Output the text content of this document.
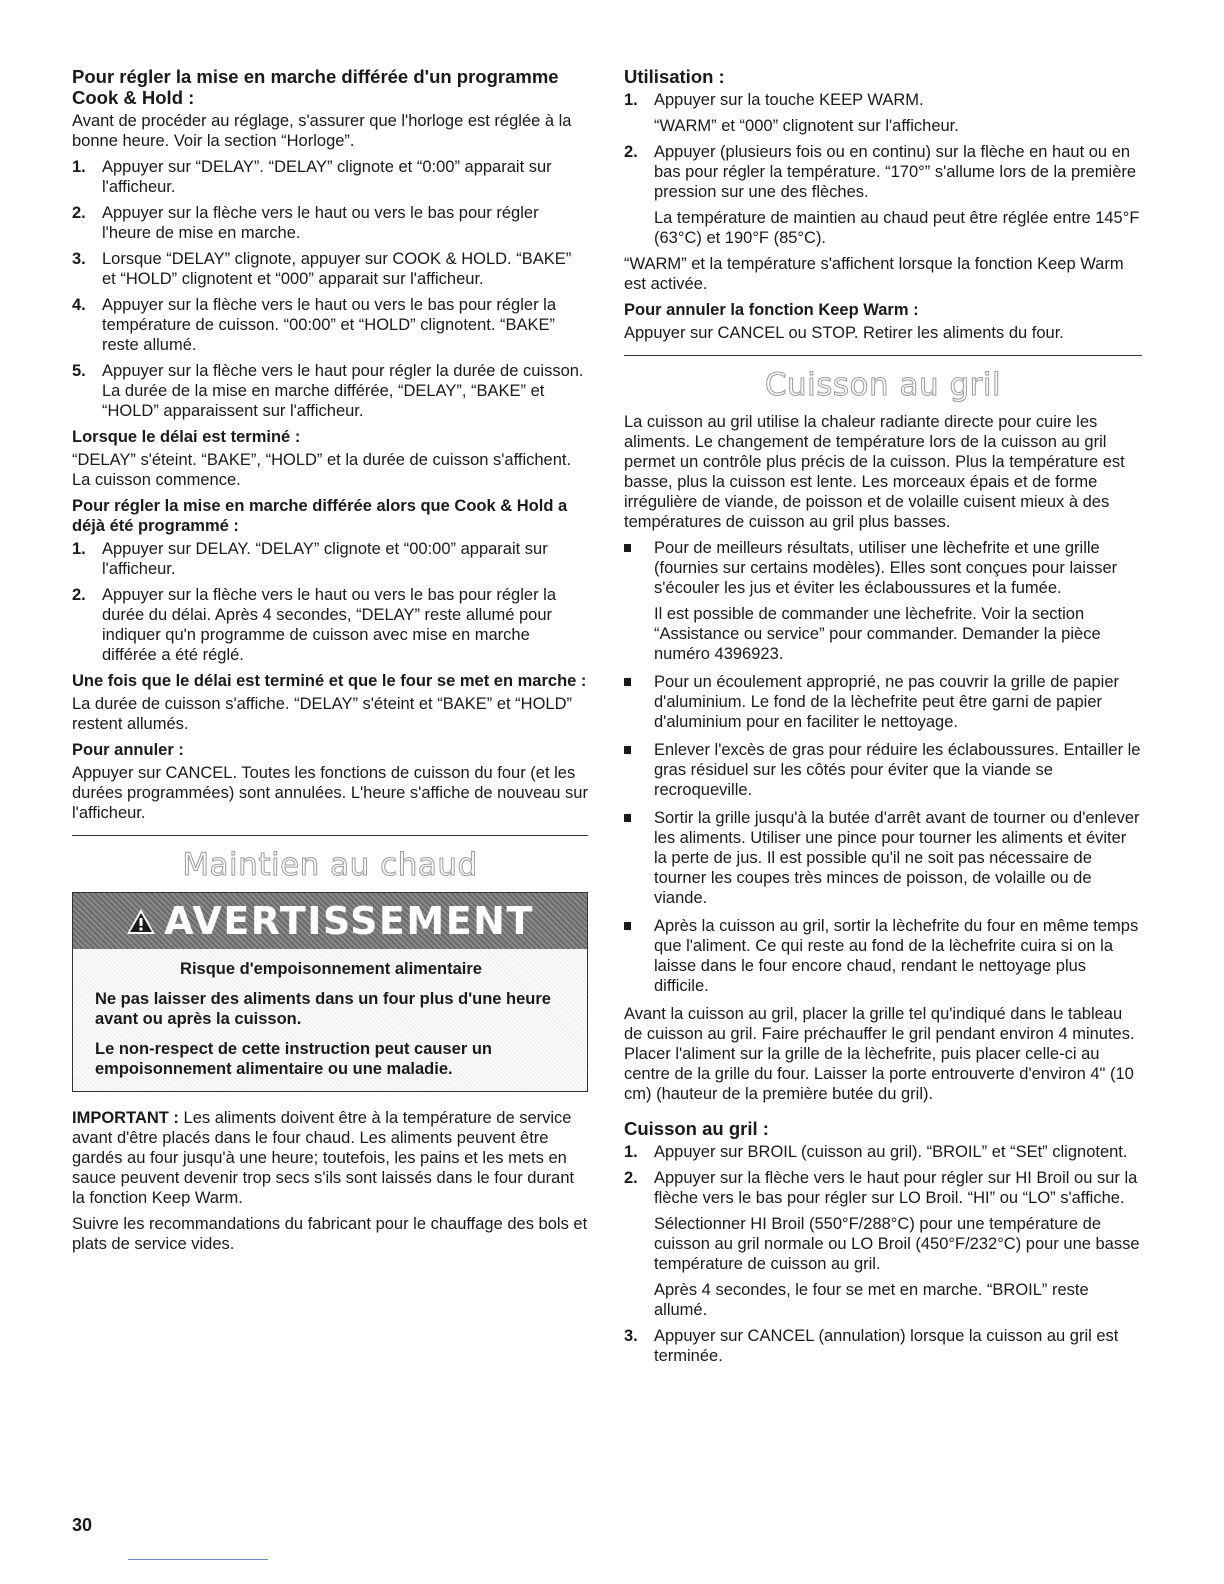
Pour régler la mise en marche différée d'un programme Cook & Hold :

Avant de procéder au réglage, s'assurer que l'horloge est réglée à la bonne heure. Voir la section “Horloge”.

1. Appuyer sur “DELAY”. “DELAY” clignote et “0:00” apparait sur l'afficheur.
2. Appuyer sur la flèche vers le haut ou vers le bas pour régler l'heure de mise en marche.
3. Lorsque “DELAY” clignote, appuyer sur COOK & HOLD. “BAKE” et “HOLD” clignotent et “000” apparait sur l'afficheur.
4. Appuyer sur la flèche vers le haut ou vers le bas pour régler la température de cuisson. “00:00” et “HOLD” clignotent. “BAKE” reste allumé.
5. Appuyer sur la flèche vers le haut pour régler la durée de cuisson. La durée de la mise en marche différée, “DELAY”, “BAKE” et “HOLD” apparaissent sur l'afficheur.
Lorsque le délai est terminé :

“DELAY” s'éteint. “BAKE”, “HOLD” et la durée de cuisson s'affichent. La cuisson commence.

Pour régler la mise en marche différée alors que Cook & Hold a déjà été programmé :
1. Appuyer sur DELAY. “DELAY” clignote et “00:00” apparait sur l'afficheur.
2. Appuyer sur la flèche vers le haut ou vers le bas pour régler la durée du délai. Après 4 secondes, “DELAY” reste allumé pour indiquer qu'n programme de cuisson avec mise en marche différée a été réglé.
Une fois que le délai est terminé et que le four se met en marche :

La durée de cuisson s'affiche. “DELAY” s'éteint et “BAKE” et “HOLD” restent allumés.

Pour annuler :

Appuyer sur CANCEL. Toutes les fonctions de cuisson du four (et les durées programmées) sont annulées. L'heure s'affiche de nouveau sur l'afficheur.

Maintien au chaud
AVERTISSEMENT

Risque d'empoisonnement alimentaire

Ne pas laisser des aliments dans un four plus d'une heure avant ou après la cuisson.

Le non-respect de cette instruction peut causer un empoisonnement alimentaire ou une maladie.

IMPORTANT : Les aliments doivent être à la température de service avant d'être placés dans le four chaud. Les aliments peuvent être gardés au four jusqu'à une heure; toutefois, les pains et les mets en sauce peuvent devenir trop secs s'ils sont laissés dans le four durant la fonction Keep Warm.

Suivre les recommandations du fabricant pour le chauffage des bols et plats de service vides.

Utilisation :
1. Appuyer sur la touche KEEP WARM.

“WARM” et “000” clignotent sur l'afficheur.

2. Appuyer (plusieurs fois ou en continu) sur la flèche en haut ou en bas pour régler la température. “170°” s'allume lors de la première pression sur une des flèches.

La température de maintien au chaud peut être réglée entre 145°F (63°C) et 190°F (85°C).

“WARM” et la température s'affichent lorsque la fonction Keep Warm est activée.

Pour annuler la fonction Keep Warm :

Appuyer sur CANCEL ou STOP. Retirer les aliments du four.

Cuisson au gril

La cuisson au gril utilise la chaleur radiante directe pour cuire les aliments. Le changement de température lors de la cuisson au gril permet un contrôle plus précis de la cuisson. Plus la température est basse, plus la cuisson est lente. Les morceaux épais et de forme irrégulière de viande, de poisson et de volaille cuisent mieux à des températures de cuisson au gril plus basses.

Pour de meilleurs résultats, utiliser une lèchefrite et une grille (fournies sur certains modèles). Elles sont conçues pour laisser s'écouler les jus et éviter les éclaboussures et la fumée.

Il est possible de commander une lèchefrite. Voir la section “Assistance ou service” pour commander. Demander la pièce numéro 4396923.

Pour un écoulement approprié, ne pas couvrir la grille de papier d'aluminium. Le fond de la lèchefrite peut être garni de papier d'aluminium pour en faciliter le nettoyage.

Enlever l'excès de gras pour réduire les éclaboussures. Entailler le gras résiduel sur les côtés pour éviter que la viande se recroqueville.

Sortir la grille jusqu'à la butée d'arrêt avant de tourner ou d'enlever les aliments. Utiliser une pince pour tourner les aliments et éviter la perte de jus. Il est possible qu'il ne soit pas nécessaire de tourner les coupes très minces de poisson, de volaille ou de viande.

Après la cuisson au gril, sortir la lèchefrite du four en même temps que l'aliment. Ce qui reste au fond de la lèchefrite cuira si on la laisse dans le four encore chaud, rendant le nettoyage plus difficile.

Avant la cuisson au gril, placer la grille tel qu'indiqué dans le tableau de cuisson au gril. Faire préchauffer le gril pendant environ 4 minutes. Placer l'aliment sur la grille de la lèchefrite, puis placer celle-ci au centre de la grille du four. Laisser la porte entrouverte d'environ 4" (10 cm) (hauteur de la première butée du gril).

Cuisson au gril :
1. Appuyer sur BROIL (cuisson au gril). “BROIL” et “SEt” clignotent.

2. Appuyer sur la flèche vers le haut pour régler sur HI Broil ou sur la flèche vers le bas pour régler sur LO Broil. “HI” ou “LO” s'affiche.

Sélectionner HI Broil (550°F/288°C) pour une température de cuisson au gril normale ou LO Broil (450°F/232°C) pour une basse température de cuisson au gril.

Après 4 secondes, le four se met en marche. “BROIL” reste allumé.

3. Appuyer sur CANCEL (annulation) lorsque la cuisson au gril est terminée.

30
